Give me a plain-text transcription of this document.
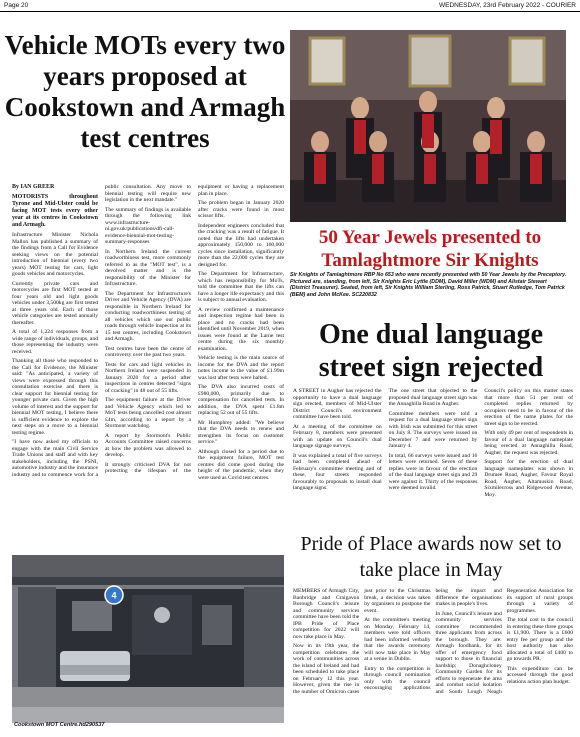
Page 20	WEDNESDAY, 23rd February 2022 - COURIER
Vehicle MOTs every two years proposed at Cookstown and Armagh test centres

By IAN GREER

MOTORISTS throughout Tyrone and Mid-Ulster could be facing MOT tests every other year at its centres in Cookstown and Armagh.

Infrastructure Minister Nichola Mallon has published a summary of the findings from a Call for Evidence seeking views on the potential introduction of biennial (every two years) MOT testing for cars, light goods vehicles and motorcycles.

Currently private cars and motorcycles are first MOT tested at four years old and light goods vehicles under 3,500kg are first tested at three years old. Each of those vehicle categories are tested annually thereafter.

A total of 1,224 responses from a wide range of individuals, groups, and those representing the industry were received.

Thanking all those who responded to the Call for Evidence, the Minister said: "As anticipated, a variety of views were expressed through this consultation exercise and there is clear support for biennial testing for younger private cars. Given the high volume of interest and the support for biennial MOT testing, I believe there is sufficient evidence to explore the next steps on a move to a biennial testing regime.

"I have now asked my officials to engage with the main Civil Service Trade Unions and staff and with key stakeholders, including the PSNI, automotive industry and the insurance industry and to commence work for a public consultation. Any move to biennial testing will require new legislation in the next mandate."

The summary of findings is available through the following link www.infrastructure-ni.gov.uk/publications/dfi-call-evidence-biennial-mot-testing-summary-responses

In Northern Ireland the current roadworthiness test, more commonly referred to as the "MOT test", is a devolved matter and is the responsibility of the Minister for Infrastructure.

The Department for Infrastructure's Driver and Vehicle Agency (DVA) are responsible in Northern Ireland for conducting roadworthiness testing of all vehicles which use our public roads through vehicle inspection at its 15 test centres, including Cookstown and Armagh.

Test centres have been the centre of controversy over the past two years.

Tests for cars and light vehicles in Northern Ireland were suspended in January 2020 for a period after inspections in centres detected "signs of cracking" in 48 out of 55 lifts.

The equipment failure at the Driver and Vehicle Agency which led to MoT tests being cancelled cost almost £4m, according to a report by a Stormont watchdog.

A report by Stormont's Public Accounts Committee raised concerns at how the problem was allowed to develop.

It strongly criticised DVA for not protecting the lifespan of the equipment or having a replacement plan in place.

The problem began in January 2020 after cracks were found in most scissor lifts.

Independent engineers concluded that the cracking was a result of fatigue. It noted that the lifts had undertaken approximately 150,000 to 160,000 cycles since installation, significantly more than the 22,000 cycles they are designed for.

The Department for Infrastructure, which has responsibility for MoTs, told the committee that the lifts can have a longer life expectancy and this is subject to annual evaluation.

A review confirmed a maintenance and inspection regime had been in place and no cracks had been identified until November 2019, when issues were found at the Larne test centre during the six monthly examination.

Vehicle testing is the main source of income for the DVA and the report notes income to the value of £1.99m was lost after tests were halted.

The DVA also incurred costs of £980,000, primarily due to compensation for cancelled tests. In addition, the DVA spent £1.8m replacing 52 out of 55 lifts.

Mr Humphrey added: "We believe that the DVA needs to renew and strengthen its focus on customer service."

Although closed for a period due to the equipment failure, MOT test centres did come good during the height of the pandemic, when they were used as Covid test centres.

4
Cookstown MOT Centre.hd290537
50 Year Jewels presented to Tamlaghtmore Sir Knights

Sir Knights of Tamlaghtmore RBP No 653 who were recently presented with 50 Year Jewels by the Preceptory. Pictured are, standing, from left, Sir Knights Eric Lyttle (DDM), David Miller (WDM) and Alistair Stewart (District Treasurer). Seated, from left, Sir Knights William Sterling, Ross Patrick, Stuart Rutledge, Tom Patrick (BEM) and John McKee. SC220832

One dual language street sign rejected

A STREET in Augher has rejected the opportunity to have a dual language sign erected, members of Mid-Ulster District Council's environment committee have been told.

At a meeting of the committee on February 8, members were presented with an update on Council's dual language signage surveys.

It was explained a total of five surveys had been completed ahead of February's committee meeting and of these, four streets responded favourably to proposals to install dual language signs.

The one street that objected to the proposed dual language street sign was the Annaghilla Road in Augher.

Committee members were told a request for a dual language street sign with Irish was submitted for this street on July 8. The surveys were issued on December 7 and were returned by January 4.

In total, 66 surveys were issued and 16 letters were returned. Seven of these replies were in favour of the erection of the dual language street sign and 29 were against it. Thirty of the responses were deemed invalid.

Council's policy on this matter states that more than 51 per cent of completed replies returned by occupiers need to be in favour of the erection of the name plates for the street sign to be erected.

With only 49 per cent of respondents in favour of a dual language nameplate being erected at Annaghilla Road, Augher, the request was rejected.

Support for the erection of dual language nameplates was shown in Drumee Road, Augher, Favour Royal Road, Augher, Altamuskin Road, Sixmilecross and Ridgewood Avenue, Moy.

Pride of Place awards now set to take place in May

MEMBERS of Armagh City, Banbridge and Craigavon Borough Council's leisure and community services committee have been told the IPB Pride of Place competition for 2022 will now take place in May.

Now in its 19th year, the competition celebrates the work of communities across the island of Ireland and had been scheduled to take place on February 12 this year. However, given the rise in the number of Omicron cases just prior to the Christmas break, a decision was taken by organisers to postpone the event.

At the committee's meeting on Monday, February 14, members were told officers had been informed verbally that the awards ceremony will now take place in May at a venue in Dublin.

Entry to the competition is through council nomination only with the council encouraging applications being the impact and difference the organisations makes in people's lives.

In June, Council's leisure and community services committee recommended three applicants from across the borough. They are: Armagh foodbank, for its offer of emergency food support to those in financial hardship; Donaghcloney Community Garden for its efforts to regenerate the area and combat social isolation and South Lough Neagh Regeneration Association for its support of rural groups through a variety of programmes.

The total cost to the council in entering these three groups is £1,900. There is a £600 entry fee per group and the host authority has also allocated a total of £400 to go towards PR.

This expenditure can be accessed through the good relations action plan budget.
